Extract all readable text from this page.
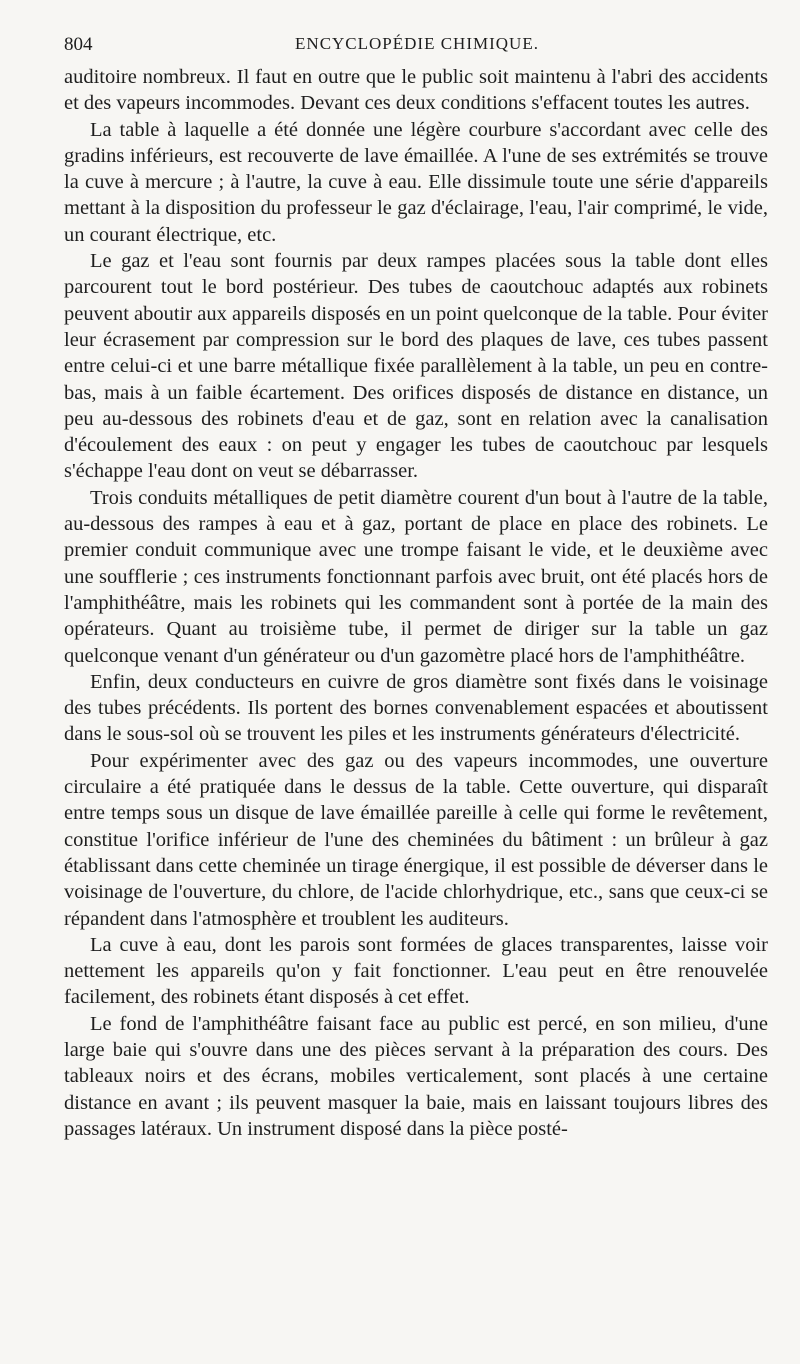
804	ENCYCLOPÉDIE CHIMIQUE.

auditoire nombreux. Il faut en outre que le public soit maintenu à l'abri des accidents et des vapeurs incommodes. Devant ces deux conditions s'effacent toutes les autres.

La table à laquelle a été donnée une légère courbure s'accordant avec celle des gradins inférieurs, est recouverte de lave émaillée. A l'une de ses extrémités se trouve la cuve à mercure ; à l'autre, la cuve à eau. Elle dissimule toute une série d'appareils mettant à la disposition du professeur le gaz d'éclairage, l'eau, l'air comprimé, le vide, un courant électrique, etc.

Le gaz et l'eau sont fournis par deux rampes placées sous la table dont elles parcourent tout le bord postérieur. Des tubes de caoutchouc adaptés aux robinets peuvent aboutir aux appareils disposés en un point quelconque de la table. Pour éviter leur écrasement par compression sur le bord des plaques de lave, ces tubes passent entre celui-ci et une barre métallique fixée parallèlement à la table, un peu en contre-bas, mais à un faible écartement. Des orifices disposés de distance en distance, un peu au-dessous des robinets d'eau et de gaz, sont en relation avec la canalisation d'écoulement des eaux : on peut y engager les tubes de caoutchouc par lesquels s'échappe l'eau dont on veut se débarrasser.

Trois conduits métalliques de petit diamètre courent d'un bout à l'autre de la table, au-dessous des rampes à eau et à gaz, portant de place en place des robinets. Le premier conduit communique avec une trompe faisant le vide, et le deuxième avec une soufflerie ; ces instruments fonctionnant parfois avec bruit, ont été placés hors de l'amphithéâtre, mais les robinets qui les commandent sont à portée de la main des opérateurs. Quant au troisième tube, il permet de diriger sur la table un gaz quelconque venant d'un générateur ou d'un gazomètre placé hors de l'amphithéâtre.

Enfin, deux conducteurs en cuivre de gros diamètre sont fixés dans le voisinage des tubes précédents. Ils portent des bornes convenablement espacées et aboutissent dans le sous-sol où se trouvent les piles et les instruments générateurs d'électricité.

Pour expérimenter avec des gaz ou des vapeurs incommodes, une ouverture circulaire a été pratiquée dans le dessus de la table. Cette ouverture, qui disparaît entre temps sous un disque de lave émaillée pareille à celle qui forme le revêtement, constitue l'orifice inférieur de l'une des cheminées du bâtiment : un brûleur à gaz établissant dans cette cheminée un tirage énergique, il est possible de déverser dans le voisinage de l'ouverture, du chlore, de l'acide chlorhydrique, etc., sans que ceux-ci se répandent dans l'atmosphère et troublent les auditeurs.

La cuve à eau, dont les parois sont formées de glaces transparentes, laisse voir nettement les appareils qu'on y fait fonctionner. L'eau peut en être renouvelée facilement, des robinets étant disposés à cet effet.

Le fond de l'amphithéâtre faisant face au public est percé, en son milieu, d'une large baie qui s'ouvre dans une des pièces servant à la préparation des cours. Des tableaux noirs et des écrans, mobiles verticalement, sont placés à une certaine distance en avant ; ils peuvent masquer la baie, mais en laissant toujours libres des passages latéraux. Un instrument disposé dans la pièce posté-
